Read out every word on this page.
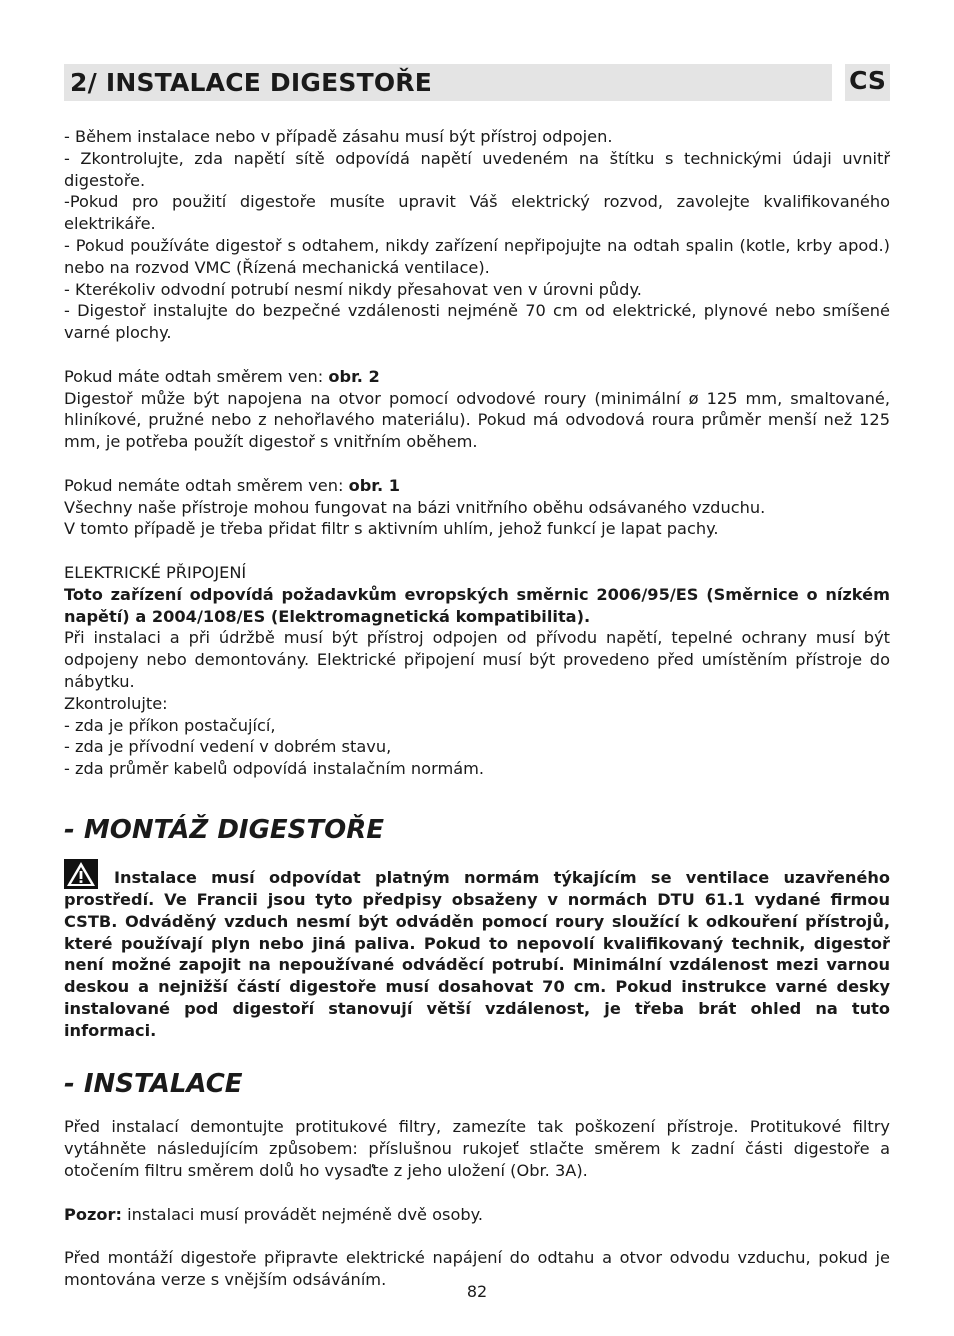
2/ INSTALACE DIGESTOŘE	CS

- Během instalace nebo v případě zásahu musí být přístroj odpojen.

- Zkontrolujte, zda napětí sítě odpovídá napětí uvedeném na štítku s technickými údaji uvnitř digestoře.

-Pokud pro použití digestoře musíte upravit Váš elektrický rozvod, zavolejte kvalifikovaného elektrikáře.

- Pokud používáte digestoř s odtahem, nikdy zařízení nepřipojujte na odtah spalin (kotle, krby apod.) nebo na rozvod VMC (Řízená mechanická ventilace).

- Kterékoliv odvodní potrubí nesmí nikdy přesahovat ven v úrovni půdy.

- Digestoř instalujte do bezpečné vzdálenosti nejméně 70 cm od elektrické, plynové nebo smíšené varné plochy.

Pokud máte odtah směrem ven: obr. 2

Digestoř může být napojena na otvor pomocí odvodové roury (minimální ø 125 mm, smaltované, hliníkové, pružné nebo z nehořlavého materiálu). Pokud má odvodová roura průměr menší než 125 mm, je potřeba použít digestoř s vnitřním oběhem.

Pokud nemáte odtah směrem ven: obr. 1

Všechny naše přístroje mohou fungovat na bázi vnitřního oběhu odsávaného vzduchu.

V tomto případě je třeba přidat filtr s aktivním uhlím, jehož funkcí je lapat pachy.

ELEKTRICKÉ PŘIPOJENÍ

Toto zařízení odpovídá požadavkům evropských směrnic 2006/95/ES (Směrnice o nízkém napětí) a 2004/108/ES (Elektromagnetická kompatibilita).

Při instalaci a při údržbě musí být přístroj odpojen od přívodu napětí, tepelné ochrany musí být odpojeny nebo demontovány. Elektrické připojení musí být provedeno před umístěním přístroje do nábytku.

Zkontrolujte:

- zda je příkon postačující,

- zda je přívodní vedení v dobrém stavu,

- zda průměr kabelů odpovídá instalačním normám.

- MONTÁŽ DIGESTOŘE

Instalace musí odpovídat platným normám týkajícím se ventilace uzavřeného prostředí. Ve Francii jsou tyto předpisy obsaženy v normách DTU 61.1 vydané firmou CSTB. Odváděný vzduch nesmí být odváděn pomocí roury sloužící k odkouření přístrojů, které používají plyn nebo jiná paliva. Pokud to nepovolí kvalifikovaný technik, digestoř není možné zapojit na nepoužívané odváděcí potrubí. Minimální vzdálenost mezi varnou deskou a nejnižší částí digestoře musí dosahovat 70 cm. Pokud instrukce varné desky instalované pod digestoří stanovují větší vzdálenost, je třeba brát ohled na tuto informaci.

- INSTALACE

Před instalací demontujte protitukové filtry, zamezíte tak poškození přístroje. Protitukové filtry vytáhněte následujícím způsobem: příslušnou rukojeť stlačte směrem k zadní části digestoře a otočením filtru směrem dolů ho vysaďte z jeho uložení (Obr. 3A).

Pozor: instalaci musí provádět nejméně dvě osoby.

Před montáží digestoře připravte elektrické napájení do odtahu a otvor odvodu vzduchu, pokud je montována verze s vnějším odsáváním.

82
